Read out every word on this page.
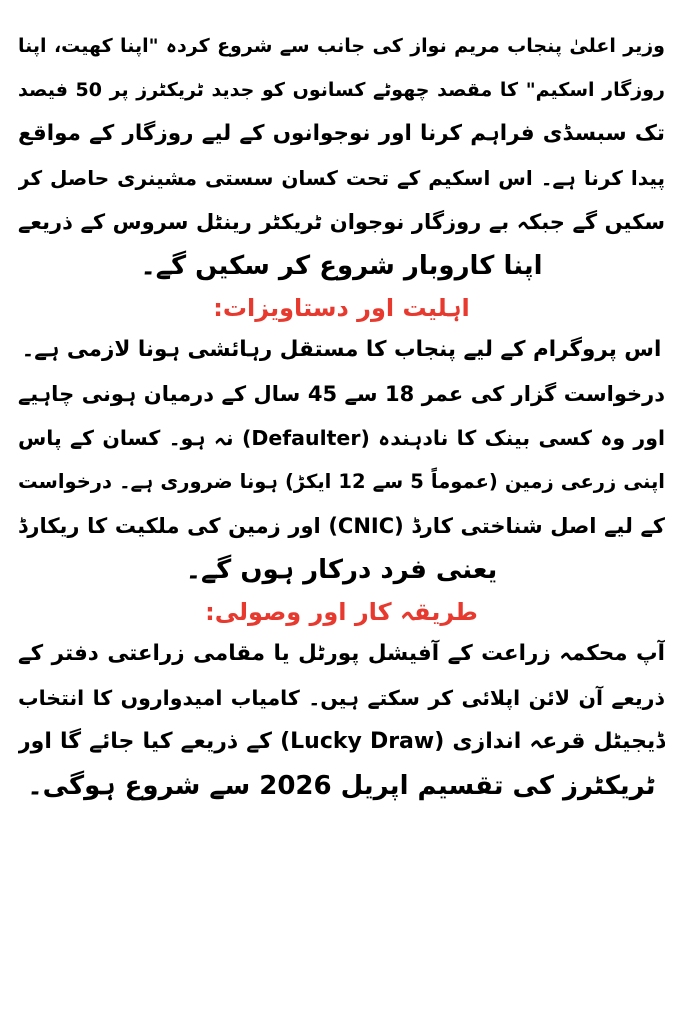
وزیر اعلیٰ پنجاب مریم نواز کی جانب سے شروع کردہ "اپنا کھیت، اپنا
روزگار اسکیم" کا مقصد چھوٹے کسانوں کو جدید ٹریکٹرز پر 50 فیصد
تک سبسڈی فراہم کرنا اور نوجوانوں کے لیے روزگار کے مواقع
پیدا کرنا ہے۔ اس اسکیم کے تحت کسان سستی مشینری حاصل کر
سکیں گے جبکہ بے روزگار نوجوان ٹریکٹر رینٹل سروس کے ذریعے
اپنا کاروبار شروع کر سکیں گے۔
اہلیت اور دستاویزات:
اس پروگرام کے لیے پنجاب کا مستقل رہائشی ہونا لازمی ہے۔
درخواست گزار کی عمر 18 سے 45 سال کے درمیان ہونی چاہیے
اور وہ کسی بینک کا نادہندہ (Defaulter) نہ ہو۔ کسان کے پاس
اپنی زرعی زمین (عموماً 5 سے 12 ایکڑ) ہونا ضروری ہے۔ درخواست
کے لیے اصل شناختی کارڈ (CNIC) اور زمین کی ملکیت کا ریکارڈ
یعنی فرد درکار ہوں گے۔
طریقہ کار اور وصولی:
آپ محکمہ زراعت کے آفیشل پورٹل یا مقامی زراعتی دفتر کے
ذریعے آن لائن اپلائی کر سکتے ہیں۔ کامیاب امیدواروں کا انتخاب
ڈیجیٹل قرعہ اندازی (Lucky Draw) کے ذریعے کیا جائے گا اور
ٹریکٹرز کی تقسیم اپریل 2026 سے شروع ہوگی۔
